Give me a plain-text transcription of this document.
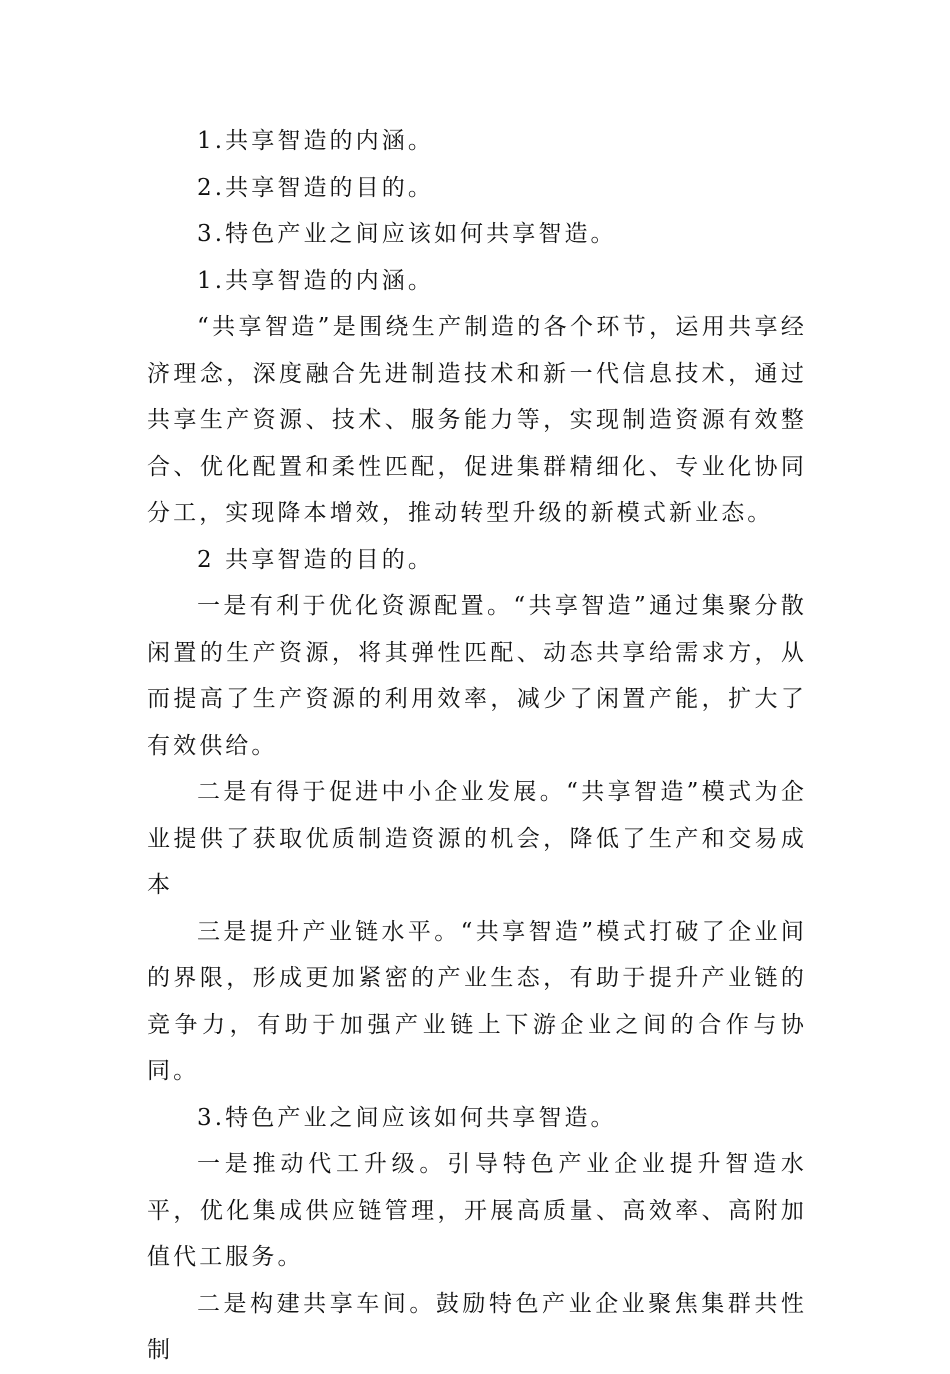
1.共享智造的内涵。

2.共享智造的目的。

3.特色产业之间应该如何共享智造。

1.共享智造的内涵。

“共享智造”是围绕生产制造的各个环节，运用共享经济理念，深度融合先进制造技术和新一代信息技术，通过共享生产资源、技术、服务能力等，实现制造资源有效整合、优化配置和柔性匹配，促进集群精细化、专业化协同分工，实现降本增效，推动转型升级的新模式新业态。

2 共享智造的目的。

一是有利于优化资源配置。“共享智造”通过集聚分散闲置的生产资源，将其弹性匹配、动态共享给需求方，从而提高了生产资源的利用效率，减少了闲置产能，扩大了有效供给。

二是有得于促进中小企业发展。“共享智造”模式为企业提供了获取优质制造资源的机会，降低了生产和交易成本

三是提升产业链水平。“共享智造”模式打破了企业间的界限，形成更加紧密的产业生态，有助于提升产业链的竞争力，有助于加强产业链上下游企业之间的合作与协同。

3.特色产业之间应该如何共享智造。

一是推动代工升级。引导特色产业企业提升智造水平，优化集成供应链管理，开展高质量、高效率、高附加值代工服务。

二是构建共享车间。鼓励特色产业企业聚焦集群共性制
